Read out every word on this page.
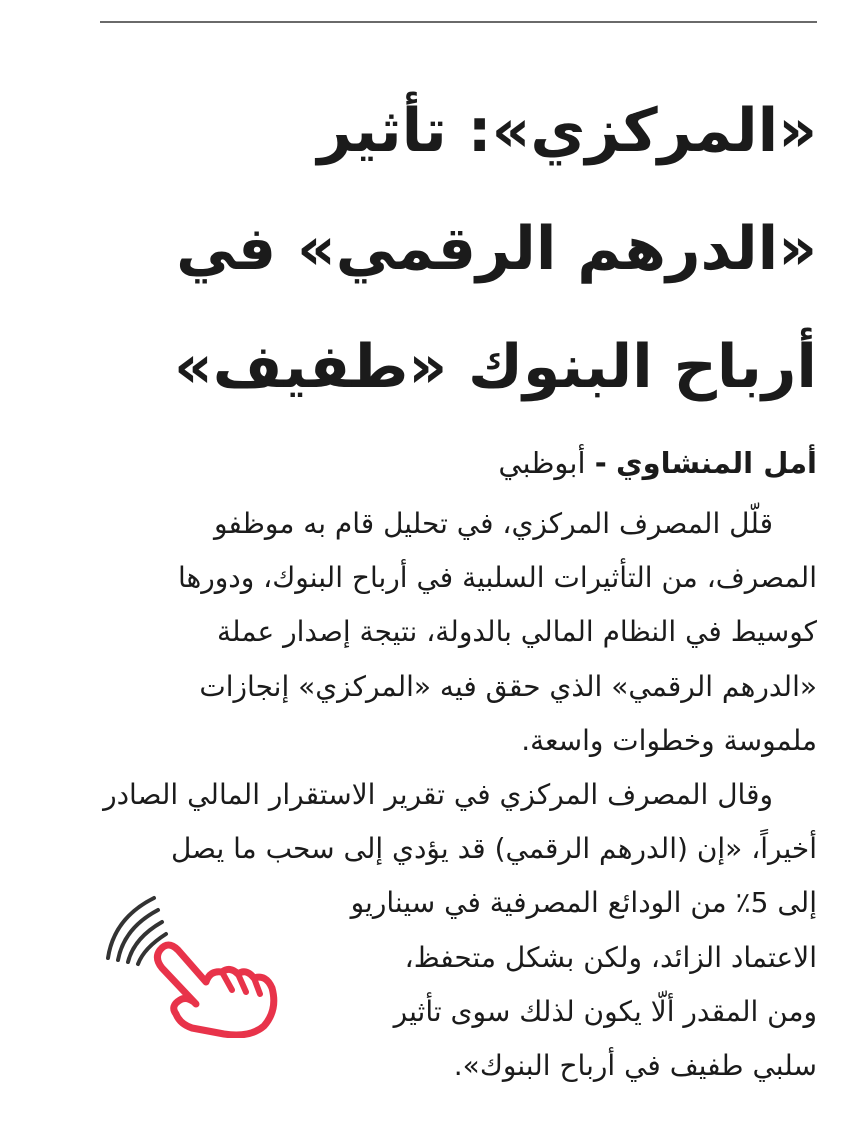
«المركزي»: تأثير
«الدرهم الرقمي» في
أرباح البنوك «طفيف»

أمل المنشاوي - أبوظبي

قلّل المصرف المركزي، في تحليل قام به موظفو
المصرف، من التأثيرات السلبية في أرباح البنوك، ودورها
كوسيط في النظام المالي بالدولة، نتيجة إصدار عملة
«الدرهم الرقمي» الذي حقق فيه «المركزي» إنجازات
ملموسة وخطوات واسعة.
وقال المصرف المركزي في تقرير الاستقرار المالي الصادر
أخيراً، «إن (الدرهم الرقمي) قد يؤدي إلى سحب ما يصل
إلى 5٪ من الودائع المصرفية في سيناريو
الاعتماد الزائد، ولكن بشكل متحفظ،
ومن المقدر ألّا يكون لذلك سوى تأثير
سلبي طفيف في أرباح البنوك».
